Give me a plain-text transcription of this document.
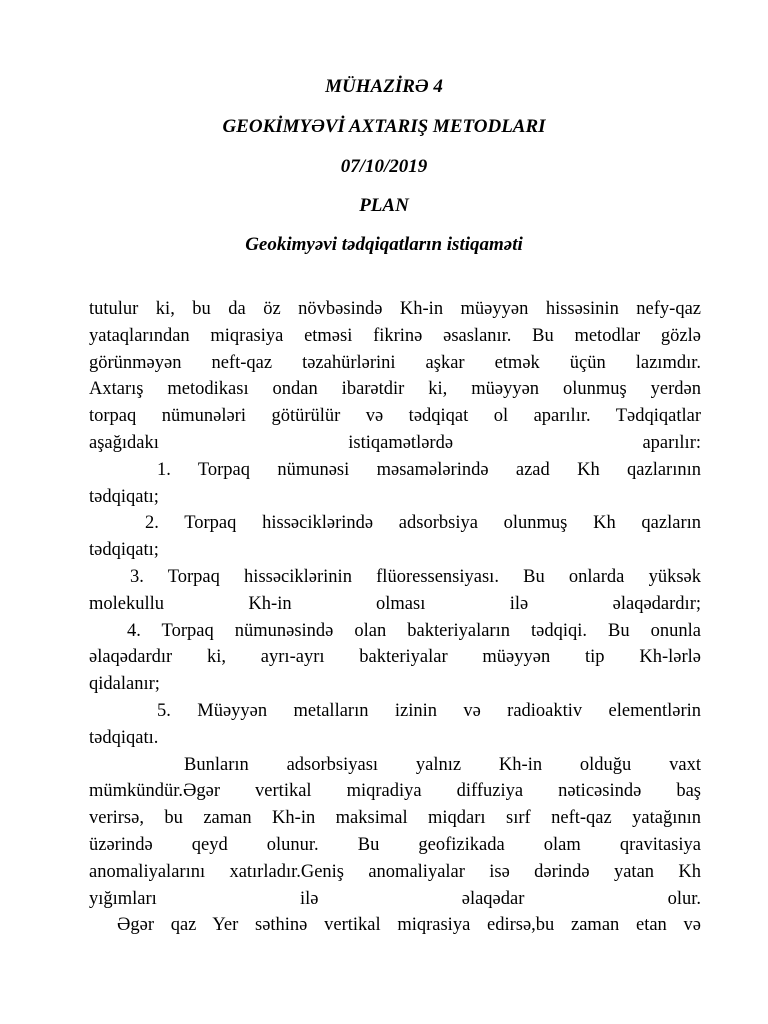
MÜHAZİRƏ 4
GEOKİMYƏVİ AXTARIŞ METODLARI
07/10/2019
PLAN
Geokimyəvi tədqiqatların istiqaməti
tutulur ki, bu da öz növbəsində Kh-in müəyyən hissəsinin nefy-qaz
yataqlarından miqrasiya etməsi fikrinə əsaslanır. Bu metodlar gözlə
görünməyən neft-qaz təzahürlərini aşkar etmək üçün lazımdır.
Axtarış metodikası ondan ibarətdir ki, müəyyən olunmuş yerdən
torpaq nümunələri götürülür və tədqiqat ol aparılır. Tədqiqatlar
aşağıdakı istiqamətlərdə aparılır:
1. Torpaq nümunəsi məsamələrində azad Kh qazlarının
tədqiqatı;
2. Torpaq hissəciklərində adsorbsiya olunmuş Kh qazların
tədqiqatı;
3. Torpaq hissəciklərinin flüoressensiyası. Bu onlarda yüksək
molekullu Kh-in olması ilə əlaqədardır;
4. Torpaq nümunəsində olan bakteriyaların tədqiqi. Bu onunla
əlaqədardır ki, ayrı-ayrı bakteriyalar müəyyən tip Kh-lərlə
qidalanır;
5. Müəyyən metalların izinin və radioaktiv elementlərin
tədqiqatı.
Bunların adsorbsiyası yalnız Kh-in olduğu vaxt
mümkündür.Əgər vertikal miqradiya diffuziya nəticəsində baş
verirsə, bu zaman Kh-in maksimal miqdarı sırf neft-qaz yatağının
üzərində qeyd olunur. Bu geofizikada olam qravitasiya
anomaliyalarını xatırladır.Geniş anomaliyalar isə dərində yatan Kh
yığımları ilə əlaqədar olur.
Əgər qaz Yer səthinə vertikal miqrasiya edirsə,bu zaman etan və
